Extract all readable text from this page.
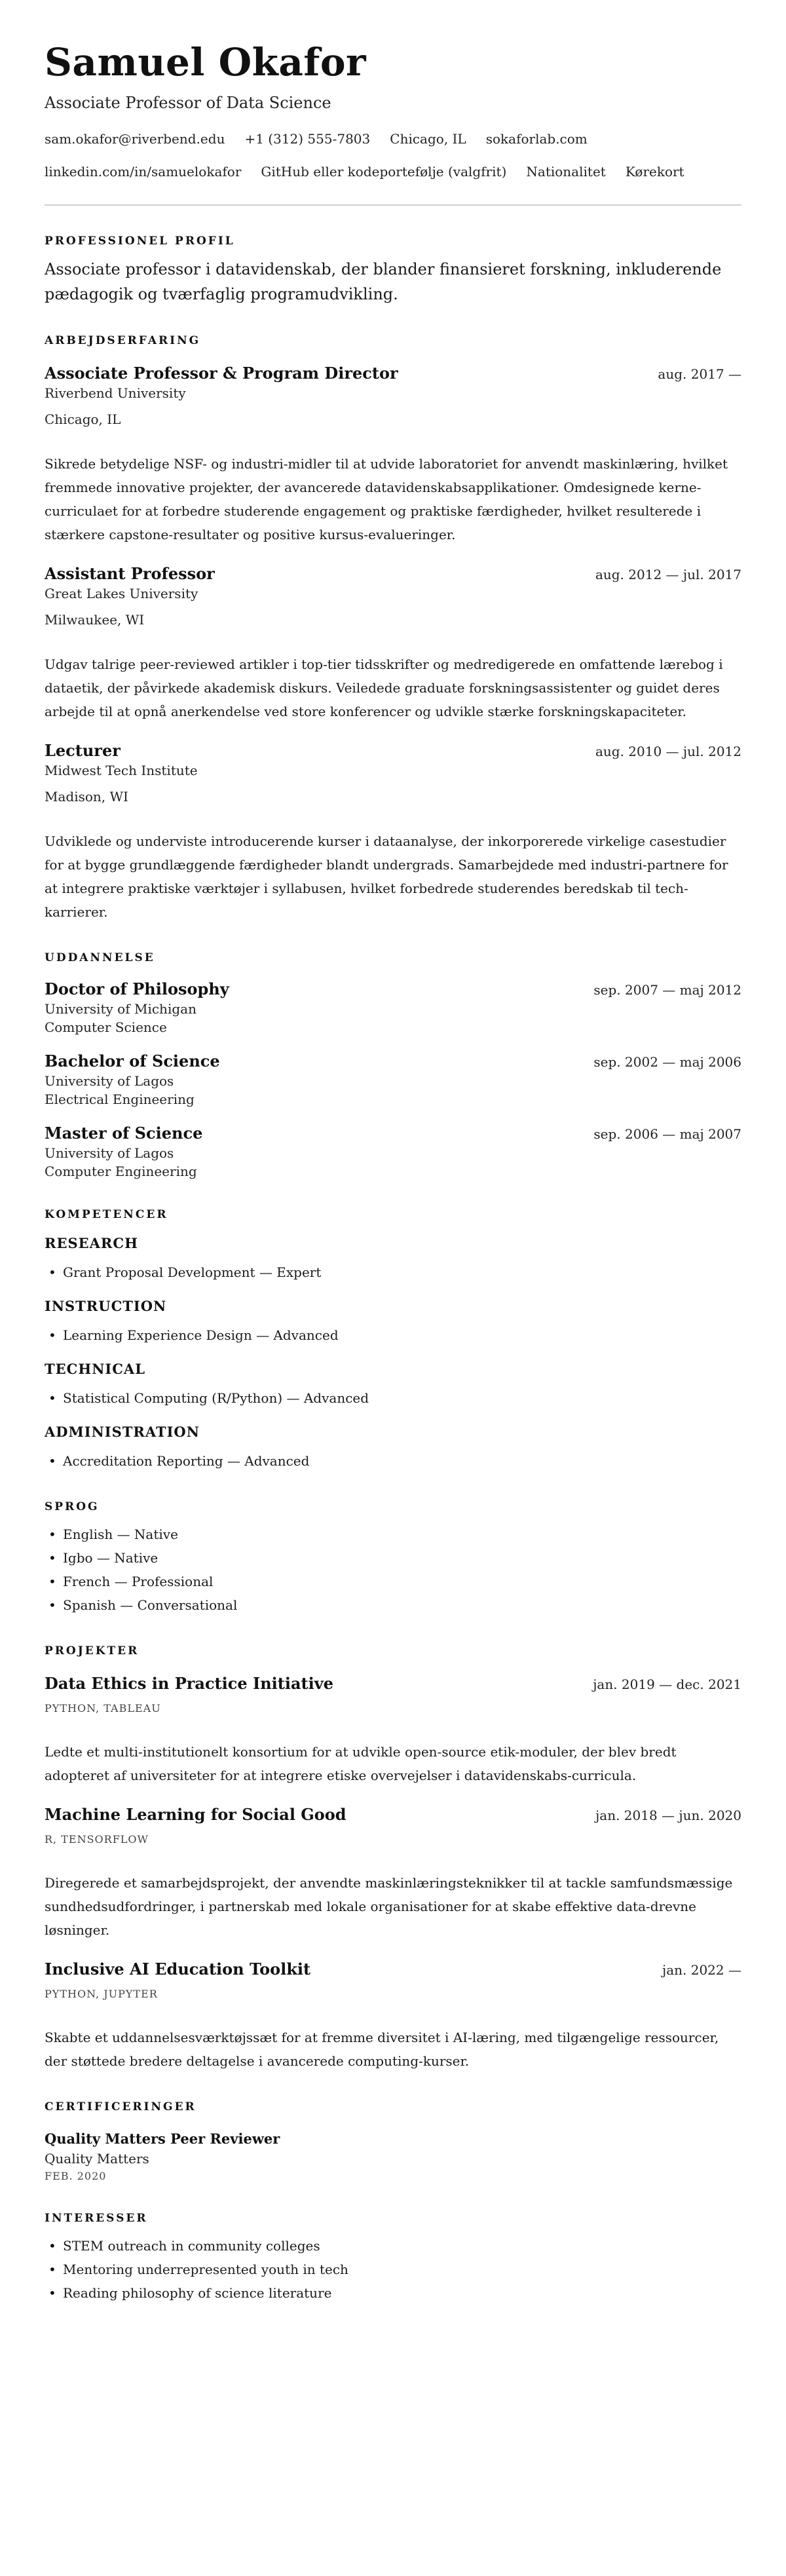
Samuel Okafor
Associate Professor of Data Science
sam.okafor@riverbend.edu +1 (312) 555-7803 Chicago, IL sokaforlab.com
linkedin.com/in/samuelokafor GitHub eller kodeportefølje (valgfrit) Nationalitet Kørekort
PROFESSIONEL PROFIL

Associate professor i datavidenskab, der blander finansieret forskning, inkluderende pædagogik og tværfaglig programudvikling.

ARBEJDSERFARING
Associate Professor & Program Director	aug. 2017 —
Riverbend University
Chicago, IL

Sikrede betydelige NSF- og industri-midler til at udvide laboratoriet for anvendt maskinlæring, hvilket fremmede innovative projekter, der avancerede datavidenskabsapplikationer. Omdesignede kerne-curriculaet for at forbedre studerende engagement og praktiske færdigheder, hvilket resulterede i stærkere capstone-resultater og positive kursus-evalueringer.

Assistant Professor	aug. 2012 — jul. 2017
Great Lakes University
Milwaukee, WI

Udgav talrige peer-reviewed artikler i top-tier tidsskrifter og medredigerede en omfattende lærebog i dataetik, der påvirkede akademisk diskurs. Veiledede graduate forskningsassistenter og guidet deres arbejde til at opnå anerkendelse ved store konferencer og udvikle stærke forskningskapaciteter.

Lecturer	aug. 2010 — jul. 2012
Midwest Tech Institute
Madison, WI

Udviklede og underviste introducerende kurser i dataanalyse, der inkorporerede virkelige casestudier for at bygge grundlæggende færdigheder blandt undergrads. Samarbejdede med industri-partnere for at integrere praktiske værktøjer i syllabusen, hvilket forbedrede studerendes beredskab til tech-karrierer.

UDDANNELSE
Doctor of Philosophy	sep. 2007 — maj 2012
University of Michigan
Computer Science
Bachelor of Science	sep. 2002 — maj 2006
University of Lagos
Electrical Engineering
Master of Science	sep. 2006 — maj 2007
University of Lagos
Computer Engineering
KOMPETENCER
RESEARCH
• Grant Proposal Development — Expert
INSTRUCTION
• Learning Experience Design — Advanced
TECHNICAL
• Statistical Computing (R/Python) — Advanced
ADMINISTRATION
• Accreditation Reporting — Advanced
SPROG
• English — Native
• Igbo — Native
• French — Professional
• Spanish — Conversational
PROJEKTER
Data Ethics in Practice Initiative	jan. 2019 — dec. 2021
PYTHON, TABLEAU

Ledte et multi-institutionelt konsortium for at udvikle open-source etik-moduler, der blev bredt adopteret af universiteter for at integrere etiske overvejelser i datavidenskabs-curricula.

Machine Learning for Social Good	jan. 2018 — jun. 2020
R, TENSORFLOW

Diregerede et samarbejdsprojekt, der anvendte maskinlæringsteknikker til at tackle samfundsmæssige sundhedsudfordringer, i partnerskab med lokale organisationer for at skabe effektive data-drevne løsninger.

Inclusive AI Education Toolkit	jan. 2022 —
PYTHON, JUPYTER

Skabte et uddannelsesværktøjssæt for at fremme diversitet i AI-læring, med tilgængelige ressourcer, der støttede bredere deltagelse i avancerede computing-kurser.

CERTIFICERINGER
Quality Matters Peer Reviewer
Quality Matters
FEB. 2020
INTERESSER
• STEM outreach in community colleges
• Mentoring underrepresented youth in tech
• Reading philosophy of science literature
